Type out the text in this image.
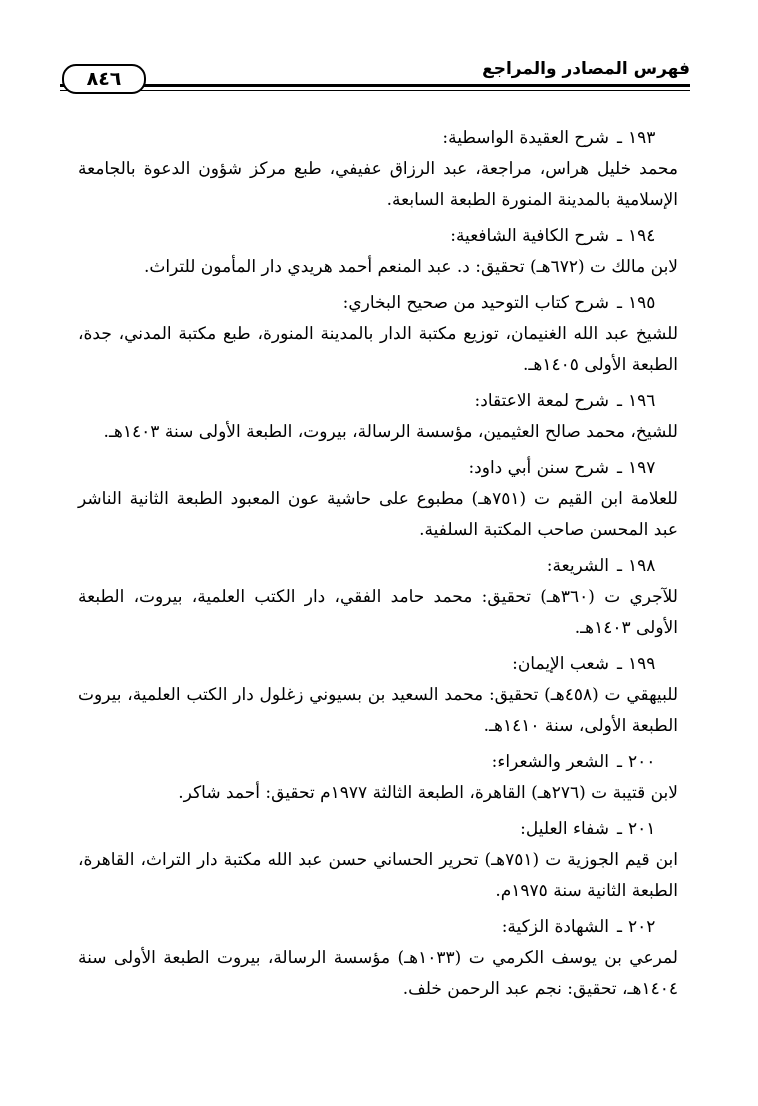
فهرس المصادر والمراجع
٨٤٦
١٩٣
ـ
شرح العقيدة الواسطية:
محمد خليل هراس، مراجعة، عبد الرزاق عفيفي، طبع مركز شؤون الدعوة بالجامعة الإسلامية بالمدينة المنورة الطبعة السابعة.
١٩٤
ـ
شرح الكافية الشافعية:
لابن مالك ت (٦٧٢هـ) تحقيق: د. عبد المنعم أحمد هريدي دار المأمون للتراث.
١٩٥
ـ
شرح كتاب التوحيد من صحيح البخاري:
للشيخ عبد الله الغنيمان، توزيع مكتبة الدار بالمدينة المنورة، طبع مكتبة المدني، جدة، الطبعة الأولى ١٤٠٥هـ.
١٩٦
ـ
شرح لمعة الاعتقاد:
للشيخ، محمد صالح العثيمين، مؤسسة الرسالة، بيروت، الطبعة الأولى سنة ١٤٠٣هـ.
١٩٧
ـ
شرح سنن أبي داود:
للعلامة ابن القيم ت (٧٥١هـ) مطبوع على حاشية عون المعبود الطبعة الثانية الناشر عبد المحسن صاحب المكتبة السلفية.
١٩٨
ـ
الشريعة:
للآجري ت (٣٦٠هـ) تحقيق: محمد حامد الفقي، دار الكتب العلمية، بيروت، الطبعة الأولى ١٤٠٣هـ.
١٩٩
ـ
شعب الإيمان:
للبيهقي ت (٤٥٨هـ) تحقيق: محمد السعيد بن بسيوني زغلول دار الكتب العلمية، بيروت الطبعة الأولى، سنة ١٤١٠هـ.
٢٠٠
ـ
الشعر والشعراء:
لابن قتيبة ت (٢٧٦هـ) القاهرة، الطبعة الثالثة ١٩٧٧م تحقيق: أحمد شاكر.
٢٠١
ـ
شفاء العليل:
ابن قيم الجوزية ت (٧٥١هـ) تحرير الحساني حسن عبد الله مكتبة دار التراث، القاهرة، الطبعة الثانية سنة ١٩٧٥م.
٢٠٢
ـ
الشهادة الزكية:
لمرعي بن يوسف الكرمي ت (١٠٣٣هـ) مؤسسة الرسالة، بيروت الطبعة الأولى سنة ١٤٠٤هـ، تحقيق: نجم عبد الرحمن خلف.
